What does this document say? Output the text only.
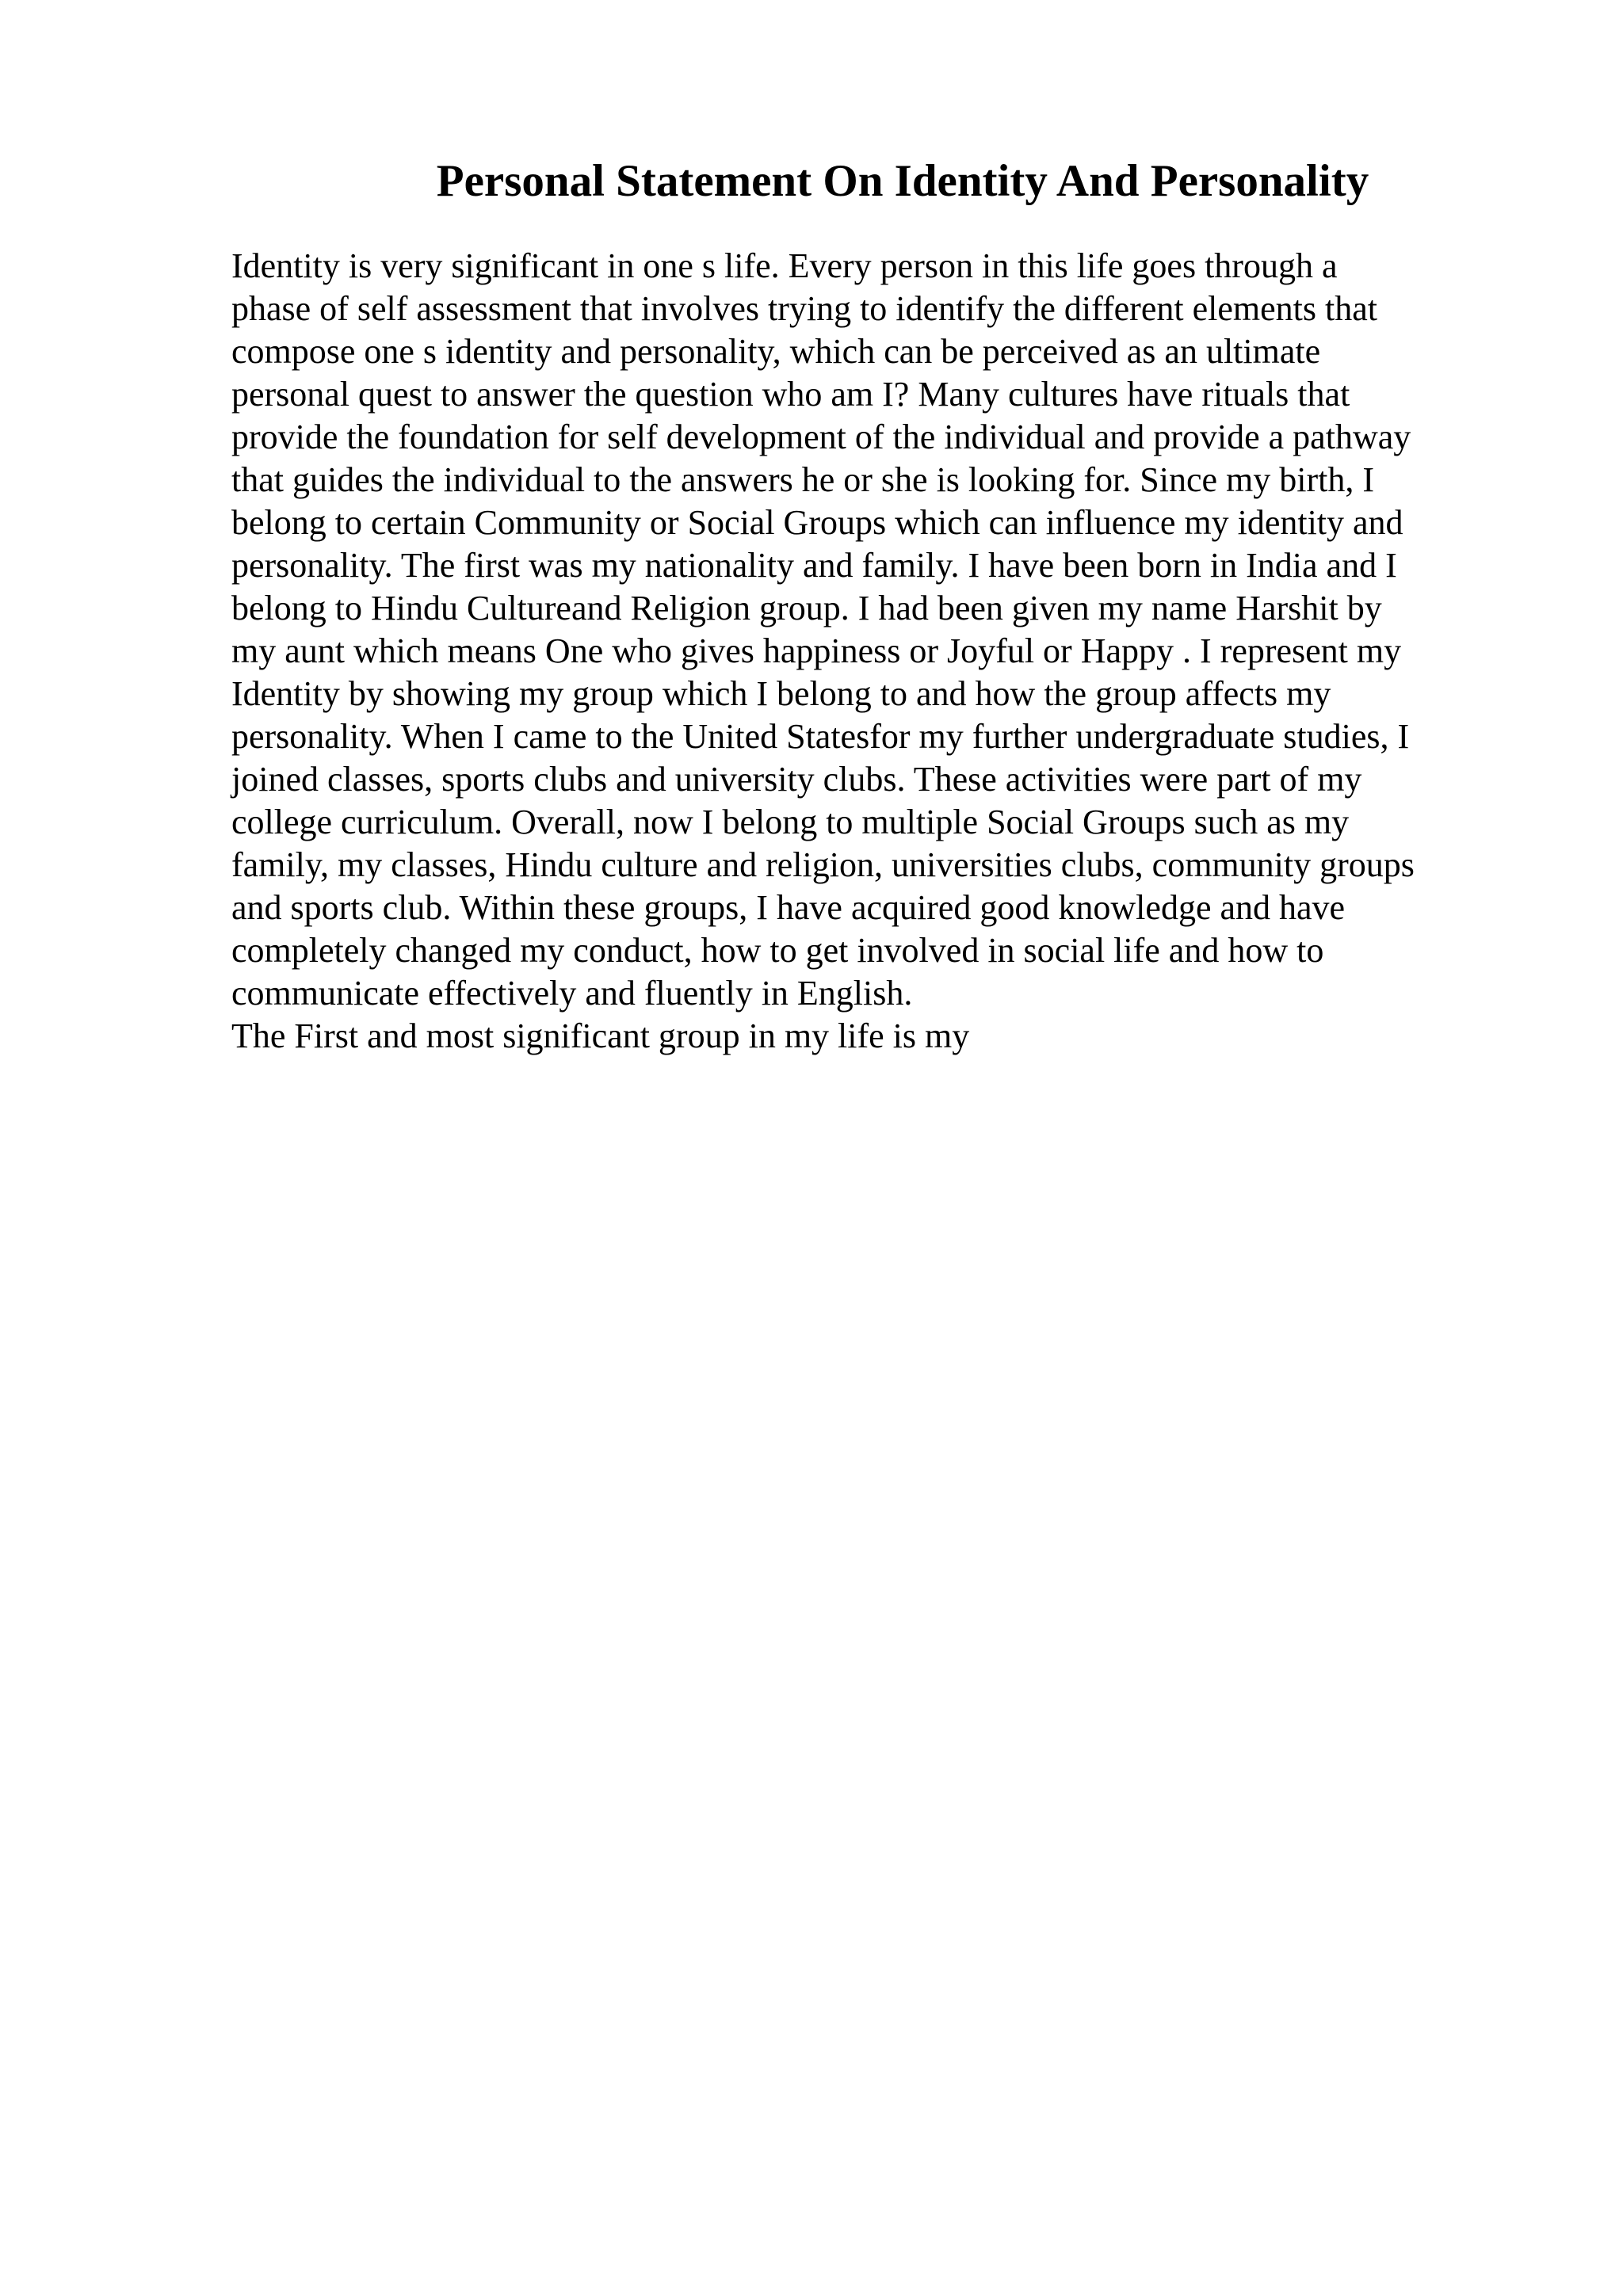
Personal Statement On Identity And Personality
Identity is very significant in one s life. Every person in this life goes through a
phase of self assessment that involves trying to identify the different elements that
compose one s identity and personality, which can be perceived as an ultimate
personal quest to answer the question who am I? Many cultures have rituals that
provide the foundation for self development of the individual and provide a pathway
that guides the individual to the answers he or she is looking for. Since my birth, I
belong to certain Community or Social Groups which can influence my identity and
personality. The first was my nationality and family. I have been born in India and I
belong to Hindu Cultureand Religion group. I had been given my name Harshit by
my aunt which means One who gives happiness or Joyful or Happy . I represent my
Identity by showing my group which I belong to and how the group affects my
personality. When I came to the United Statesfor my further undergraduate studies, I
joined classes, sports clubs and university clubs. These activities were part of my
college curriculum. Overall, now I belong to multiple Social Groups such as my
family, my classes, Hindu culture and religion, universities clubs, community groups
and sports club. Within these groups, I have acquired good knowledge and have
completely changed my conduct, how to get involved in social life and how to
communicate effectively and fluently in English.
The First and most significant group in my life is my
